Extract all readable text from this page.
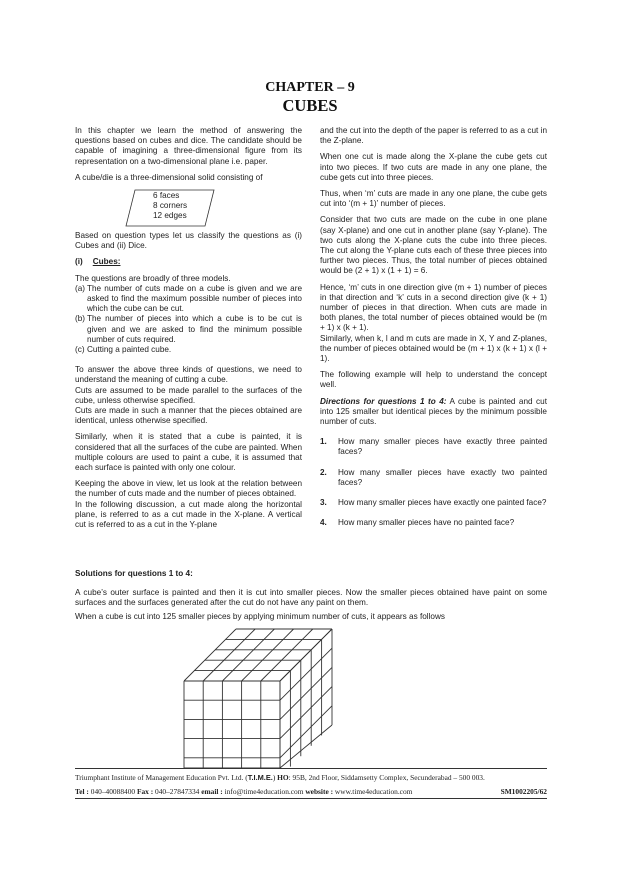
CHAPTER – 9
CUBES

In this chapter we learn the method of answering the questions based on cubes and dice. The candidate should be capable of imagining a three-dimensional figure from its representation on a two-dimensional plane i.e. paper.

A cube/die is a three-dimensional solid consisting of

6 faces
8 corners
12 edges

Based on question types let us classify the questions as (i) Cubes and (ii) Dice.

(i) Cubes:
The questions are broadly of three models.
(a) The number of cuts made on a cube is given and we are asked to find the maximum possible number of pieces into which the cube can be cut.
(b) The number of pieces into which a cube is to be cut is given and we are asked to find the minimum possible number of cuts required.
(c) Cutting a painted cube.
To answer the above three kinds of questions, we need to understand the meaning of cutting a cube.
Cuts are assumed to be made parallel to the surfaces of the cube, unless otherwise specified.

Cuts are made in such a manner that the pieces obtained are identical, unless otherwise specified.

Similarly, when it is stated that a cube is painted, it is considered that all the surfaces of the cube are painted. When multiple colours are used to paint a cube, it is assumed that each surface is painted with only one colour.

Keeping the above in view, let us look at the relation between the number of cuts made and the number of pieces obtained.
In the following discussion, a cut made along the horizontal plane, is referred to as a cut made in the X-plane. A vertical cut is referred to as a cut in the Y-plane

and the cut into the depth of the paper is referred to as a cut in the Z-plane.

When one cut is made along the X-plane the cube gets cut into two pieces. If two cuts are made in any one plane, the cube gets cut into three pieces.

Thus, when ‘m’ cuts are made in any one plane, the cube gets cut into ‘(m + 1)’ number of pieces.

Consider that two cuts are made on the cube in one plane (say X-plane) and one cut in another plane (say Y-plane). The two cuts along the X-plane cuts the cube into three pieces. The cut along the Y-plane cuts each of these three pieces into further two pieces. Thus, the total number of pieces obtained would be (2 + 1) x (1 + 1) = 6.

Hence, ‘m’ cuts in one direction give (m + 1) number of pieces in that direction and ‘k’ cuts in a second direction give (k + 1) number of pieces in that direction. When cuts are made in both planes, the total number of pieces obtained would be (m + 1) x (k + 1).

Similarly, when k, l and m cuts are made in X, Y and Z-planes, the number of pieces obtained would be (m + 1) x (k + 1) x (l + 1).

The following example will help to understand the concept well.

Directions for questions 1 to 4: A cube is painted and cut into 125 smaller but identical pieces by the minimum possible number of cuts.

1.	How many smaller pieces have exactly three painted faces?
2.	How many smaller pieces have exactly two painted faces?
3.	How many smaller pieces have exactly one painted face?
4.	How many smaller pieces have no painted face?
Solutions for questions 1 to 4:
A cube’s outer surface is painted and then it is cut into smaller pieces. Now the smaller pieces obtained have paint on some surfaces and the surfaces generated after the cut do not have any paint on them.
When a cube is cut into 125 smaller pieces by applying minimum number of cuts, it appears as follows
Triumphant Institute of Management Education Pvt. Ltd. (T.I.M.E.) HO: 95B, 2nd Floor, Siddamsetty Complex, Secunderabad – 500 003.
Tel : 040–40088400 Fax : 040–27847334 email : info@time4education.com website : www.time4education.com	SM1002205/62
